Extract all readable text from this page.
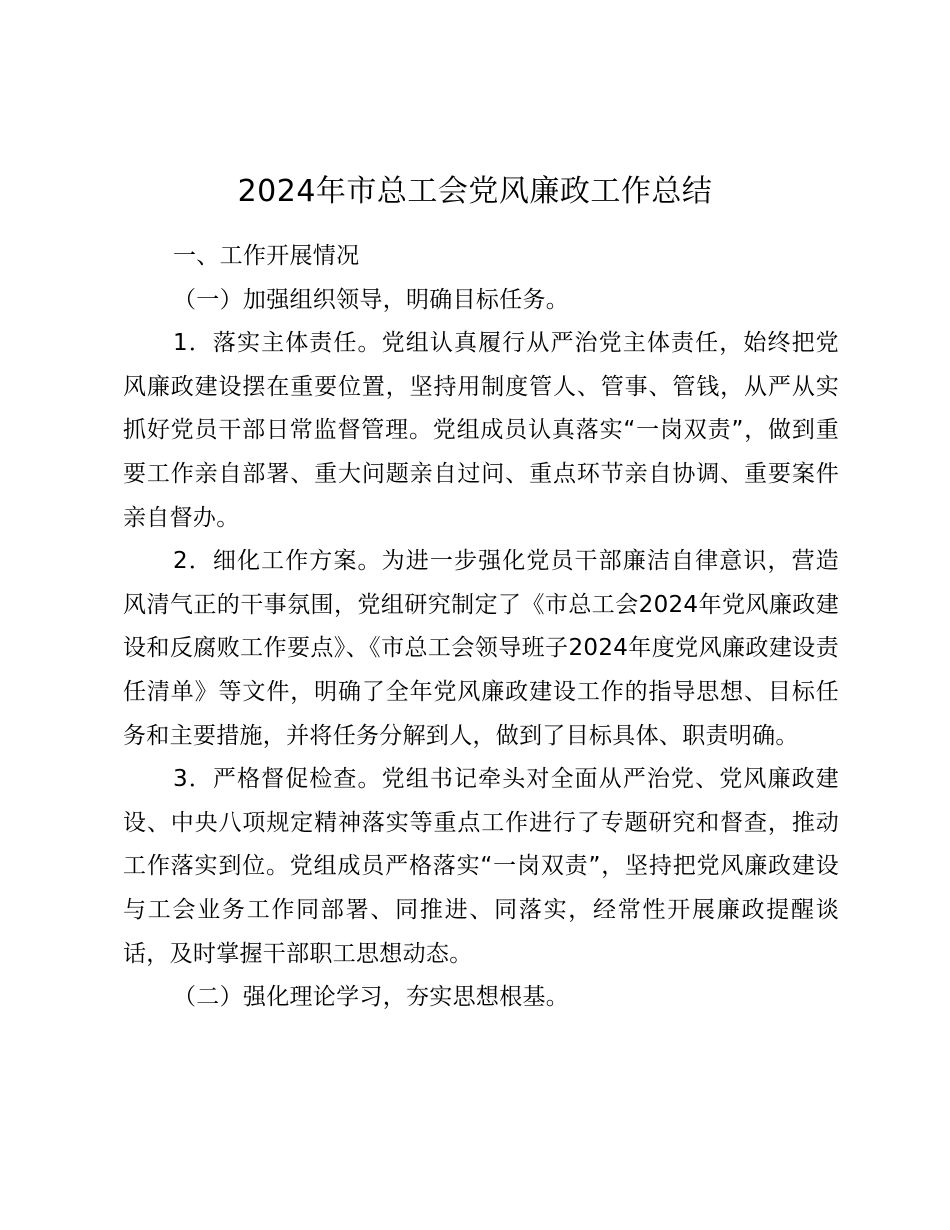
2024年市总工会党风廉政工作总结

一、工作开展情况

（一）加强组织领导，明确目标任务。

1．落实主体责任。党组认真履行从严治党主体责任，始终把党风廉政建设摆在重要位置，坚持用制度管人、管事、管钱，从严从实抓好党员干部日常监督管理。党组成员认真落实“一岗双责”，做到重要工作亲自部署、重大问题亲自过问、重点环节亲自协调、重要案件亲自督办。

2．细化工作方案。为进一步强化党员干部廉洁自律意识，营造风清气正的干事氛围，党组研究制定了《市总工会2024年党风廉政建设和反腐败工作要点》、《市总工会领导班子2024年度党风廉政建设责任清单》等文件，明确了全年党风廉政建设工作的指导思想、目标任务和主要措施，并将任务分解到人，做到了目标具体、职责明确。

3．严格督促检查。党组书记牵头对全面从严治党、党风廉政建设、中央八项规定精神落实等重点工作进行了专题研究和督查，推动工作落实到位。党组成员严格落实“一岗双责”，坚持把党风廉政建设与工会业务工作同部署、同推进、同落实，经常性开展廉政提醒谈话，及时掌握干部职工思想动态。

（二）强化理论学习，夯实思想根基。
